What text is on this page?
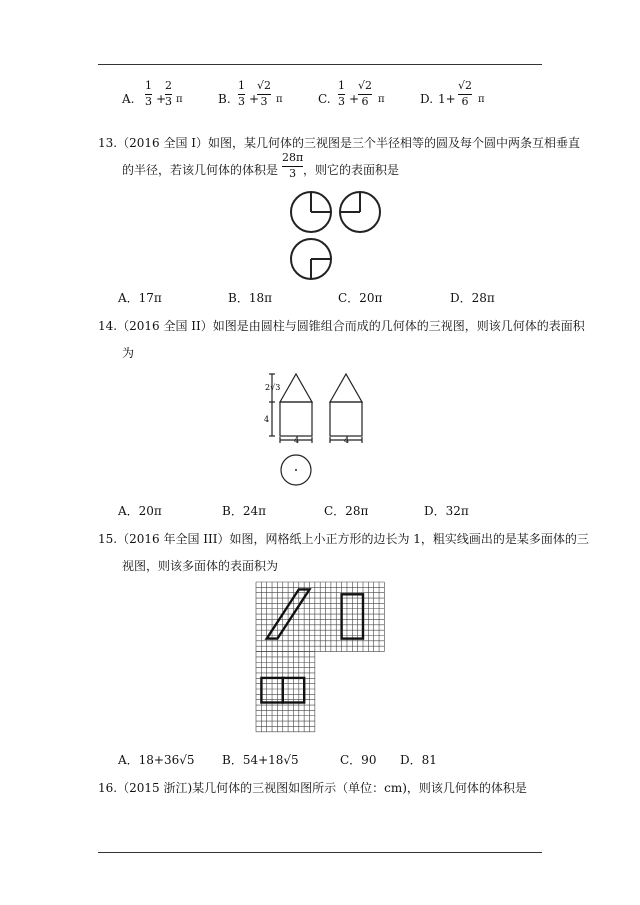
A.
1
3 +
2
3 π	B.
1
3 +
√2
3 π	C.
1
3 +
√2
6 π	D. 1+
√2
6 π
13.（2016 全国 I）如图，某几何体的三视图是三个半径相等的圆及每个圆中两条互相垂直
的半径，若该几何体的体积是
28π
3 ，则它的表面积是
A．17π	B．18π	C．20π	D．28π
14.（2016 全国 II）如图是由圆柱与圆锥组合而成的几何体的三视图，则该几何体的表面积
为
2√3
4
4	4
A．20π	B．24π	C．28π	D．32π
15.（2016 年全国 III）如图，网格纸上小正方形的边长为 1，粗实线画出的是某多面体的三
视图，则该多面体的表面积为
A．18+36√5 B．54+18√5	C．90 D．81
16.（2015 浙江)某几何体的三视图如图所示（单位：cm)，则该几何体的体积是
